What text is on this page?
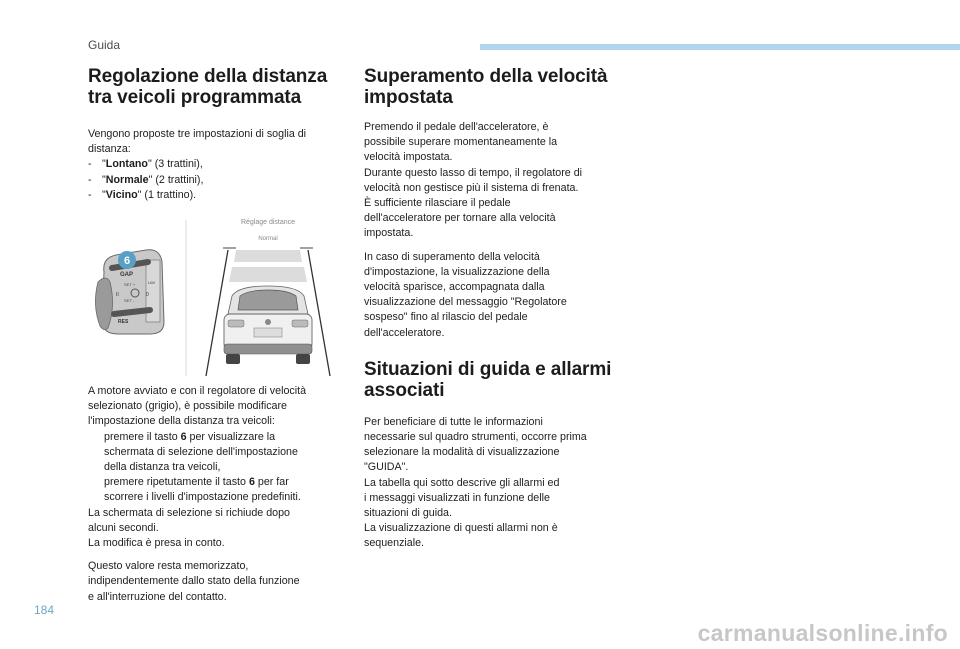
Guida
Regolazione della distanza
tra veicoli programmata
Vengono proposte tre impostazioni di soglia di
distanza:
- "Lontano" (3 trattini),
- "Normale" (2 trattini),
- "Vicino" (1 trattino).
GAP
SET +
SET -
II	0
LIM
RES
6
Réglage distance
Normal
A motore avviato e con il regolatore di velocità
selezionato (grigio), è possibile modificare
l'impostazione della distanza tra veicoli:
premere il tasto 6 per visualizzare la
schermata di selezione dell'impostazione
della distanza tra veicoli,
premere ripetutamente il tasto 6 per far
scorrere i livelli d'impostazione predefiniti.
La schermata di selezione si richiude dopo
alcuni secondi.
La modifica è presa in conto.
Questo valore resta memorizzato,
indipendentemente dallo stato della funzione
e all'interruzione del contatto.
Superamento della velocità
impostata
Premendo il pedale dell'acceleratore, è
possibile superare momentaneamente la
velocità impostata.
Durante questo lasso di tempo, il regolatore di
velocità non gestisce più il sistema di frenata.
È sufficiente rilasciare il pedale
dell'acceleratore per tornare alla velocità
impostata.
In caso di superamento della velocità
d'impostazione, la visualizzazione della
velocità sparisce, accompagnata dalla
visualizzazione del messaggio "Regolatore
sospeso" fino al rilascio del pedale
dell'acceleratore.
Situazioni di guida e allarmi
associati
Per beneficiare di tutte le informazioni
necessarie sul quadro strumenti, occorre prima
selezionare la modalità di visualizzazione
"GUIDA".
La tabella qui sotto descrive gli allarmi ed
i messaggi visualizzati in funzione delle
situazioni di guida.
La visualizzazione di questi allarmi non è
sequenziale.
184
carmanualsonline.info
